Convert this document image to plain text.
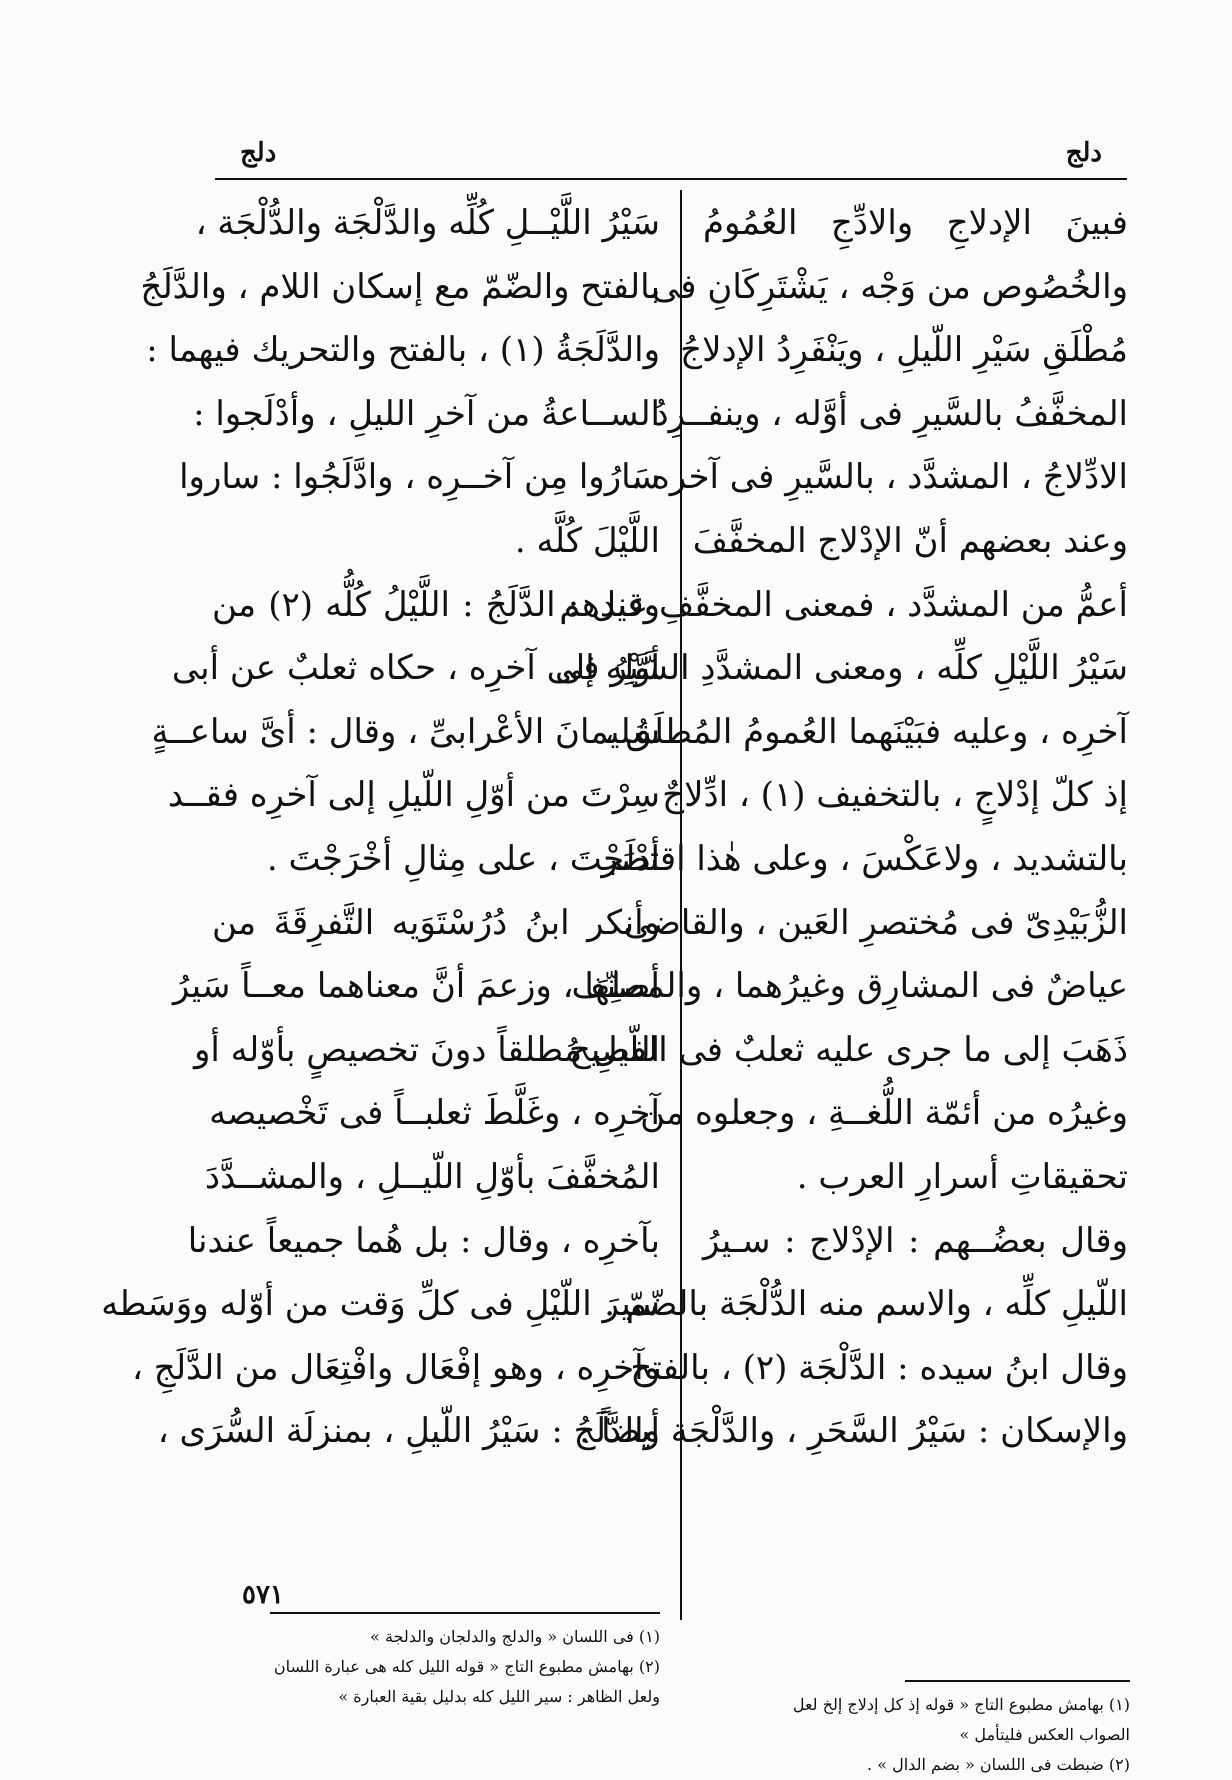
دلج
دلج
فبينَ الإدلاجِ والادِّجِ العُمُومُ
والخُصُوص من وَجْه ، يَشْتَرِكَانِ فى
مُطْلَقِ سَيْرِ اللّيلِ ، ويَنْفَرِدُ الإدلاجُ
المخفَّفُ بالسَّيرِ فى أوَّله ، وينفــرِدُ
الادِّلاجُ ، المشدَّد ، بالسَّيرِ فى آخره .
وعند بعضهم أنّ الإدْلاج المخفَّفَ
أعمُّ من المشدَّد ، فمعنى المخفَّفِ عندهم
سَيْرُ اللَّيْلِ كلِّه ، ومعنى المشدَّدِ السَّيْرُ فى
آخرِه ، وعليه فبَيْنَهما العُمومُ المُطلَق ،
إذ كلّ إدْلاجٍ ، بالتخفيف (١) ، ادِّلاجٌ
بالتشديد ، ولاعَكْسَ ، وعلى هٰذا اقتصَر
الزُّبَيْدِىّ فى مُختصرِ العَين ، والقاضى
عياضٌ فى المشارِق وغيرُهما ، والمصنّف
ذَهَبَ إلى ما جرى عليه ثعلبٌ فى الفصيح
وغيرُه من أئمّة اللُّغــةِ ، وجعلوه من
تحقيقاتِ أسرارِ العرب .
وقال بعضُــهم : الإدْلاج : سـيرُ
اللّيلِ كلِّه ، والاسم منه الدُّلْجَة بالضّمّ .
وقال ابنُ سيده : الدَّلْجَة (٢) ، بالفتح
والإسكان : سَيْرُ السَّحَرِ ، والدَّلْجَة أيضاً :
سَيْرُ اللَّيْــلِ كُلِّه والدَّلْجَة والدُّلْجَة ،
بالفتح والضّمّ مع إسكان اللام ، والدَّلَجُ
والدَّلَجَةُ (١) ، بالفتح والتحريك فيهما :
الســاعةُ من آخرِ الليلِ ، وأدْلَجوا :
سَارُوا مِن آخــرِه ، وادَّلَجُوا : ساروا
اللَّيْلَ كُلَّه .
وقيل : الدَّلَجُ : اللَّيْلُ كُلُّه (٢) من
أوَّلِه إلى آخرِه ، حكاه ثعلبٌ عن أبى
سُليمانَ الأعْرابىِّ ، وقال : أىَّ ساعــةٍ
سِرْتَ من أوّلِ اللّيلِ إلى آخرِه فقــد
أدْلَجْتَ ، على مِثالِ أخْرَجْتَ .
وأنكر ابنُ دُرُسْتَوَيه التَّفرِقَةَ من
أصلِهَا ، وزعمَ أنَّ معناهما معــاً سَيرُ
اللّيلِ مُطلقاً دونَ تخصيصٍ بأوّله أو
آخرِه ، وغَلَّطَ ثعلبــاً فى تَخْصيصه
المُخفَّفَ بأوّلِ اللّيــلِ ، والمشــدَّدَ
بآخرِه ، وقال : بل هُما جميعاً عندنا
سيرَ اللّيْلِ فى كلِّ وَقت من أوّله ووَسَطه
وآخرِه ، وهو إفْعَال وافْتِعَال من الدَّلَجِ ،
والدَّلَجُ : سَيْرُ اللّيلِ ، بمنزلَة السُّرَى ،
(١) بهامش مطبوع التاج « قوله إذ كل إدلاج إلخ لعل
الصواب العكس فليتأمل »
(٢) ضبطت فى اللسان « بضم الدال » .
(١) فى اللسان « والدلج والدلجان والدلجة »
(٢) بهامش مطبوع التاج « قوله الليل كله هى عبارة اللسان
ولعل الظاهر : سير الليل كله بدليل بقية العبارة »
٥٧١
